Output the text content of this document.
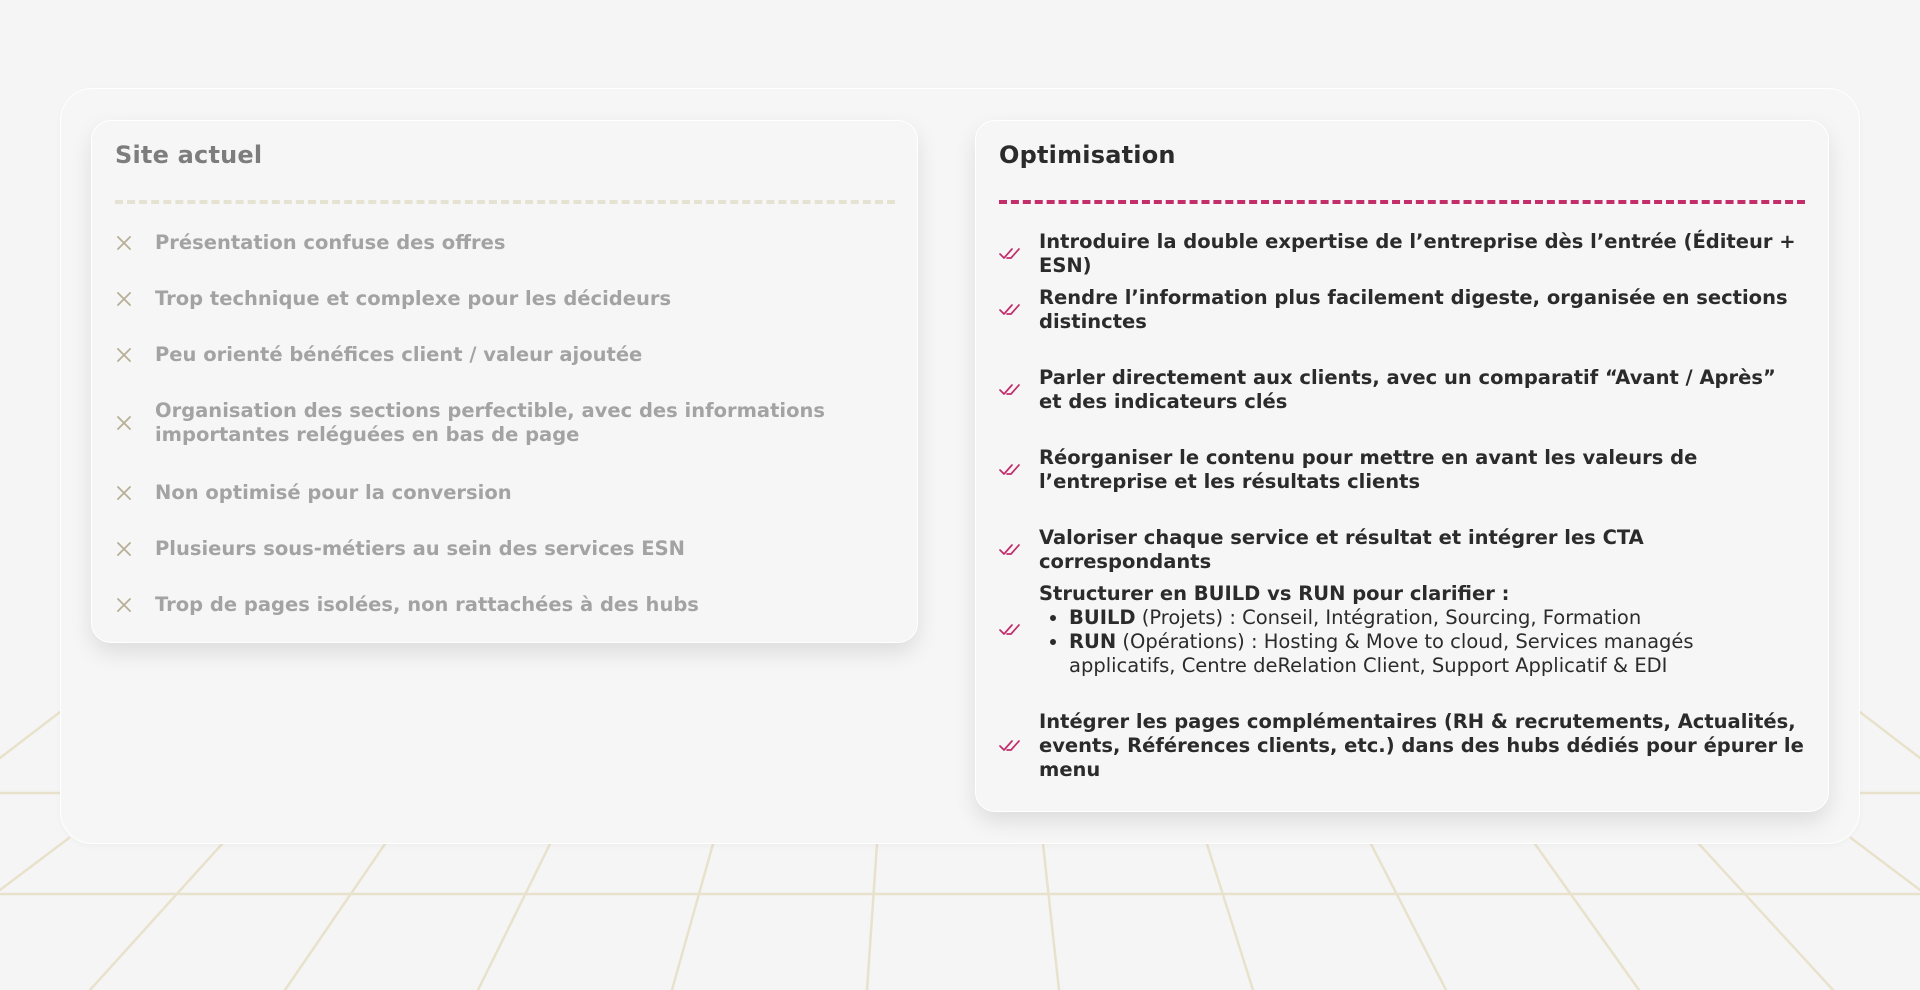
Site actuel
Présentation confuse des offres
Trop technique et complexe pour les décideurs
Peu orienté bénéfices client / valeur ajoutée
Organisation des sections perfectible, avec des informations importantes reléguées en bas de page
Non optimisé pour la conversion
Plusieurs sous-métiers au sein des services ESN
Trop de pages isolées, non rattachées à des hubs
Optimisation
Introduire la double expertise de l’entreprise dès l’entrée (Éditeur + ESN)
Rendre l’information plus facilement digeste, organisée en sections distinctes
Parler directement aux clients, avec un comparatif “Avant / Après” et des indicateurs clés
Réorganiser le contenu pour mettre en avant les valeurs de l’entreprise et les résultats clients
Valoriser chaque service et résultat et intégrer les CTA correspondants
Structurer en BUILD vs RUN pour clarifier :
• BUILD (Projets) : Conseil, Intégration, Sourcing, Formation
• RUN (Opérations) : Hosting & Move to cloud, Services managés applicatifs, Centre deRelation Client, Support Applicatif & EDI
Intégrer les pages complémentaires (RH & recrutements, Actualités, events, Références clients, etc.) dans des hubs dédiés pour épurer le menu
